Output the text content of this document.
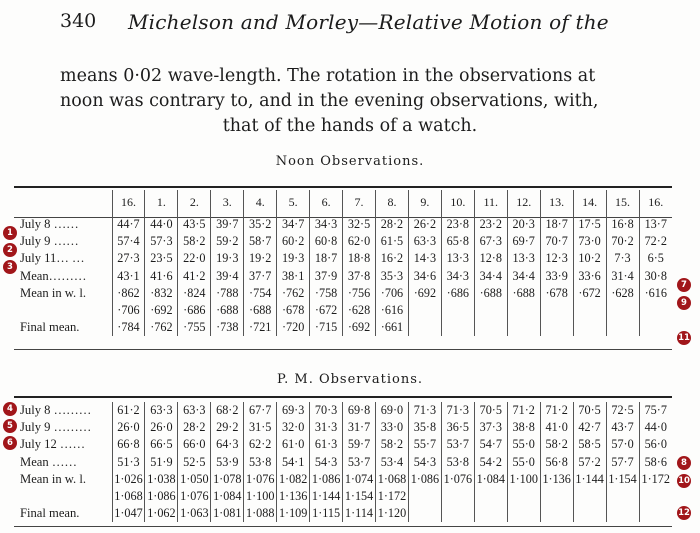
340 Michelson and Morley—Relative Motion of the

means 0·02 wave-length. The rotation in the observations at

noon was contrary to, and in the evening observations, with,

that of the hands of a watch.

Noon Observations.
	16.	1.	2.	3.	4.	5.	6.	7.	8.	9.	10.	11.	12.	13.	14.	15.	16.
July 8 ……	44·7	44·0	43·5	39·7	35·2	34·7	34·3	32·5	28·2	26·2	23·8	23·2	20·3	18·7	17·5	16·8	13·7
July 9 ……	57·4	57·3	58·2	59·2	58·7	60·2	60·8	62·0	61·5	63·3	65·8	67·3	69·7	70·7	73·0	70·2	72·2
July 11… …	27·3	23·5	22·0	19·3	19·2	19·3	18·7	18·8	16·2	14·3	13·3	12·8	13·3	12·3	10·2	7·3	6·5
Mean………	43·1	41·6	41·2	39·4	37·7	38·1	37·9	37·8	35·3	34·6	34·3	34·4	34·4	33·9	33·6	31·4	30·8
Mean in w. l.	·862	·832	·824	·788	·754	·762	·758	·756	·706	·692	·686	·688	·688	·678	·672	·628	·616
	·706	·692	·686	·688	·688	·678	·672	·628	·616								
Final mean.	·784	·762	·755	·738	·721	·720	·715	·692	·661								
P. M. Observations.
July 8 ………	61·2	63·3	63·3	68·2	67·7	69·3	70·3	69·8	69·0	71·3	71·3	70·5	71·2	71·2	70·5	72·5	75·7
July 9 ………	26·0	26·0	28·2	29·2	31·5	32·0	31·3	31·7	33·0	35·8	36·5	37·3	38·8	41·0	42·7	43·7	44·0
July 12 ……	66·8	66·5	66·0	64·3	62·2	61·0	61·3	59·7	58·2	55·7	53·7	54·7	55·0	58·2	58·5	57·0	56·0
Mean ……	51·3	51·9	52·5	53·9	53·8	54·1	54·3	53·7	53·4	54·3	53·8	54·2	55·0	56·8	57·2	57·7	58·6
Mean in w. l.	1·026	1·038	1·050	1·078	1·076	1·082	1·086	1·074	1·068	1·086	1·076	1·084	1·100	1·136	1·144	1·154	1·172
	1·068	1·086	1·076	1·084	1·100	1·136	1·144	1·154	1·172								
Final mean.	1·047	1·062	1·063	1·081	1·088	1·109	1·115	1·114	1·120								
1
2
3
4
5
6
7
9
11
8
10
12
